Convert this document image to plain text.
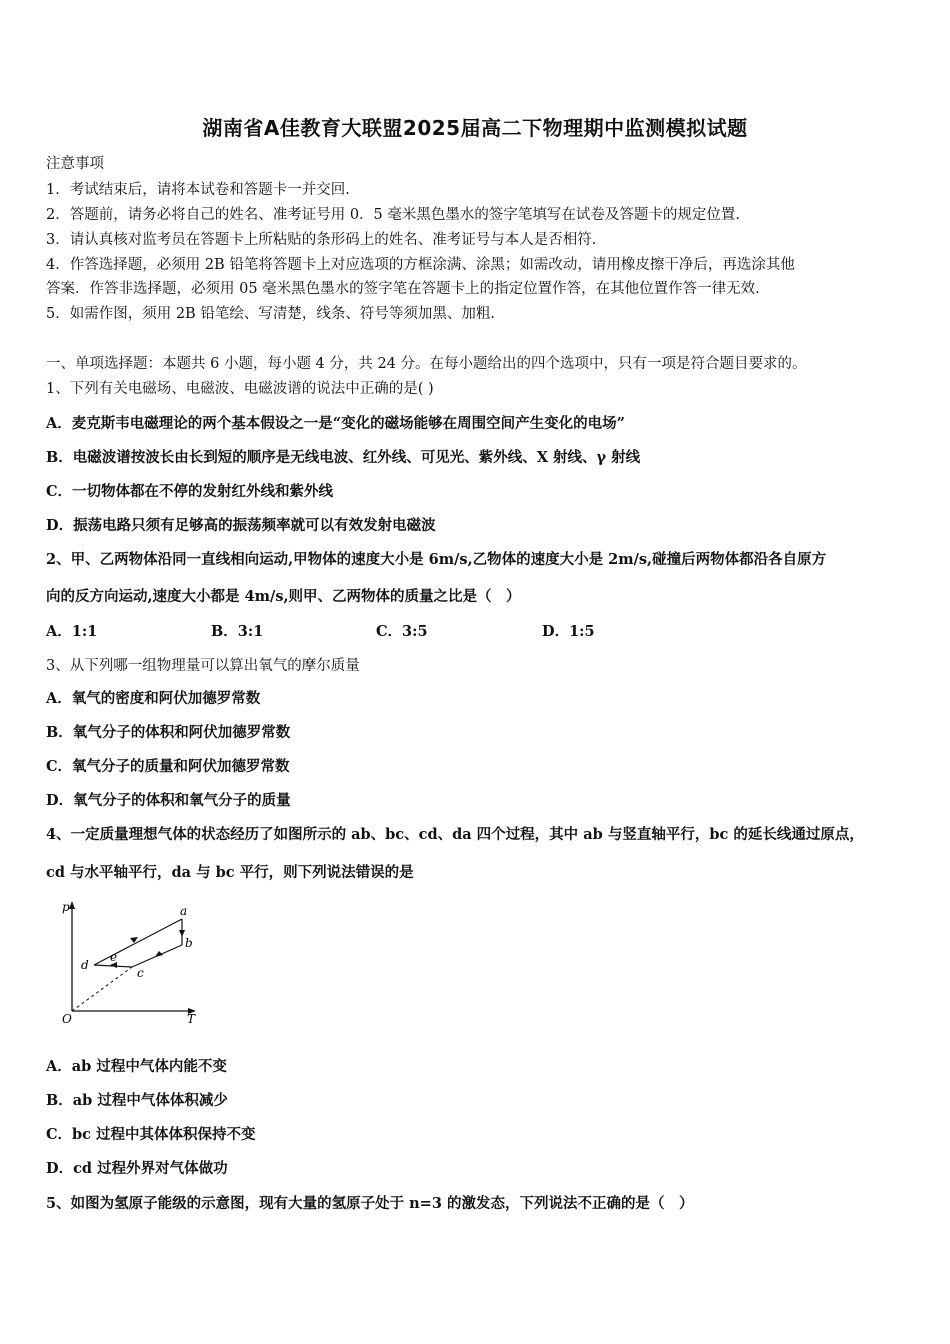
湖南省A佳教育大联盟2025届高二下物理期中监测模拟试题
注意事项
1．考试结束后，请将本试卷和答题卡一并交回.
2．答题前，请务必将自己的姓名、准考证号用 0．5 毫米黑色墨水的签字笔填写在试卷及答题卡的规定位置.
3．请认真核对监考员在答题卡上所粘贴的条形码上的姓名、准考证号与本人是否相符.
4．作答选择题，必须用 2B 铅笔将答题卡上对应选项的方框涂满、涂黑；如需改动，请用橡皮擦干净后，再选涂其他
答案．作答非选择题，必须用 05 毫米黑色墨水的签字笔在答题卡上的指定位置作答，在其他位置作答一律无效.
5．如需作图，须用 2B 铅笔绘、写清楚，线条、符号等须加黑、加粗.
一、单项选择题：本题共 6 小题，每小题 4 分，共 24 分。在每小题给出的四个选项中，只有一项是符合题目要求的。
1、下列有关电磁场、电磁波、电磁波谱的说法中正确的是( )
A．麦克斯韦电磁理论的两个基本假设之一是“变化的磁场能够在周围空间产生变化的电场”
B．电磁波谱按波长由长到短的顺序是无线电波、红外线、可见光、紫外线、X 射线、γ 射线
C．一切物体都在不停的发射红外线和紫外线
D．振荡电路只须有足够高的振荡频率就可以有效发射电磁波
2、甲、乙两物体沿同一直线相向运动,甲物体的速度大小是 6m/s,乙物体的速度大小是 2m/s,碰撞后两物体都沿各自原方
向的反方向运动,速度大小都是 4m/s,则甲、乙两物体的质量之比是（　）
A．1:1	B．3:1	C．3:5	D．1:5
3、从下列哪一组物理量可以算出氧气的摩尔质量
A．氧气的密度和阿伏加德罗常数
B．氧气分子的体积和阿伏加德罗常数
C．氧气分子的质量和阿伏加德罗常数
D．氧气分子的体积和氧气分子的质量
4、一定质量理想气体的状态经历了如图所示的 ab、bc、cd、da 四个过程，其中 ab 与竖直轴平行，bc 的延长线通过原点，
cd 与水平轴平行，da 与 bc 平行，则下列说法错误的是
p
T
O
a
b
c
d
e
A．ab 过程中气体内能不变
B．ab 过程中气体体积减少
C．bc 过程中其体体积保持不变
D．cd 过程外界对气体做功
5、如图为氢原子能级的示意图，现有大量的氢原子处于 n=3 的激发态，下列说法不正确的是（　）
